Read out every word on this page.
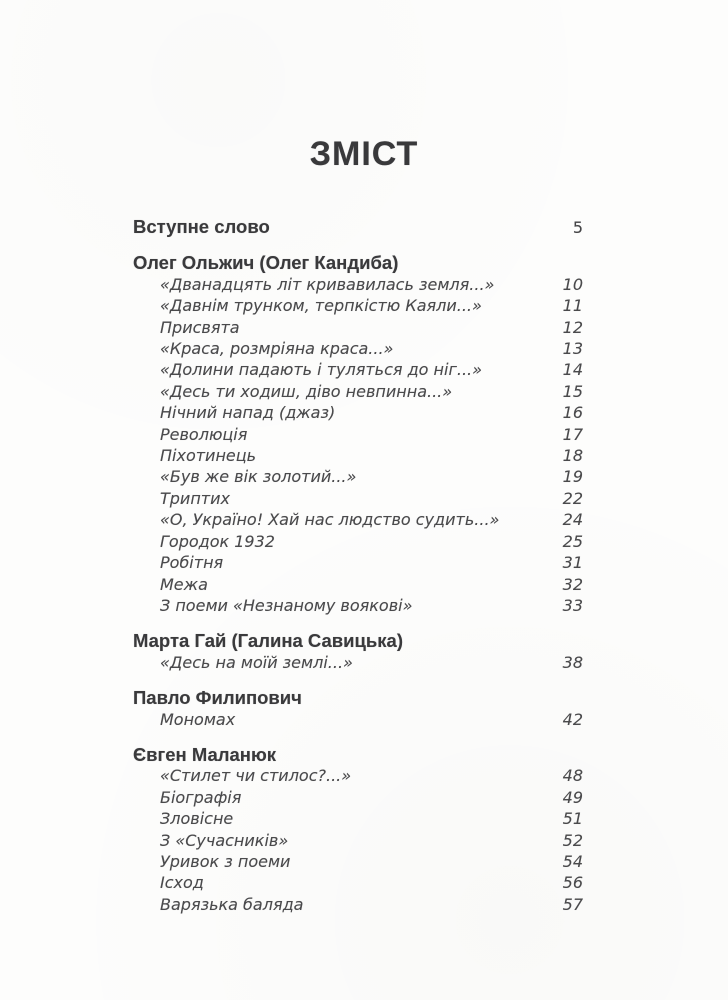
ЗМІСТ
Вступне слово	5
Олег Ольжич (Олег Кандиба)
«Дванадцять літ кривавилась земля...»	10
«Давнім трунком, терпкістю Каяли...»	11
Присвята	12
«Краса, розмріяна краса...»	13
«Долини падають і туляться до ніг...»	14
«Десь ти ходиш, діво невпинна...»	15
Нічний напад (джаз)	16
Революція	17
Піхотинець	18
«Був же вік золотий...»	19
Триптих	22
«О, Україно! Хай нас людство судить...»	24
Городок 1932	25
Робітня	31
Межа	32
З поеми «Незнаному воякові»	33
Марта Гай (Галина Савицька)
«Десь на моїй землі...»	38
Павло Филипович
Мономах	42
Євген Маланюк
«Стилет чи стилос?...»	48
Біографія	49
Зловісне	51
З «Сучасників»	52
Уривок з поеми	54
Ісход	56
Варязька баляда	57
